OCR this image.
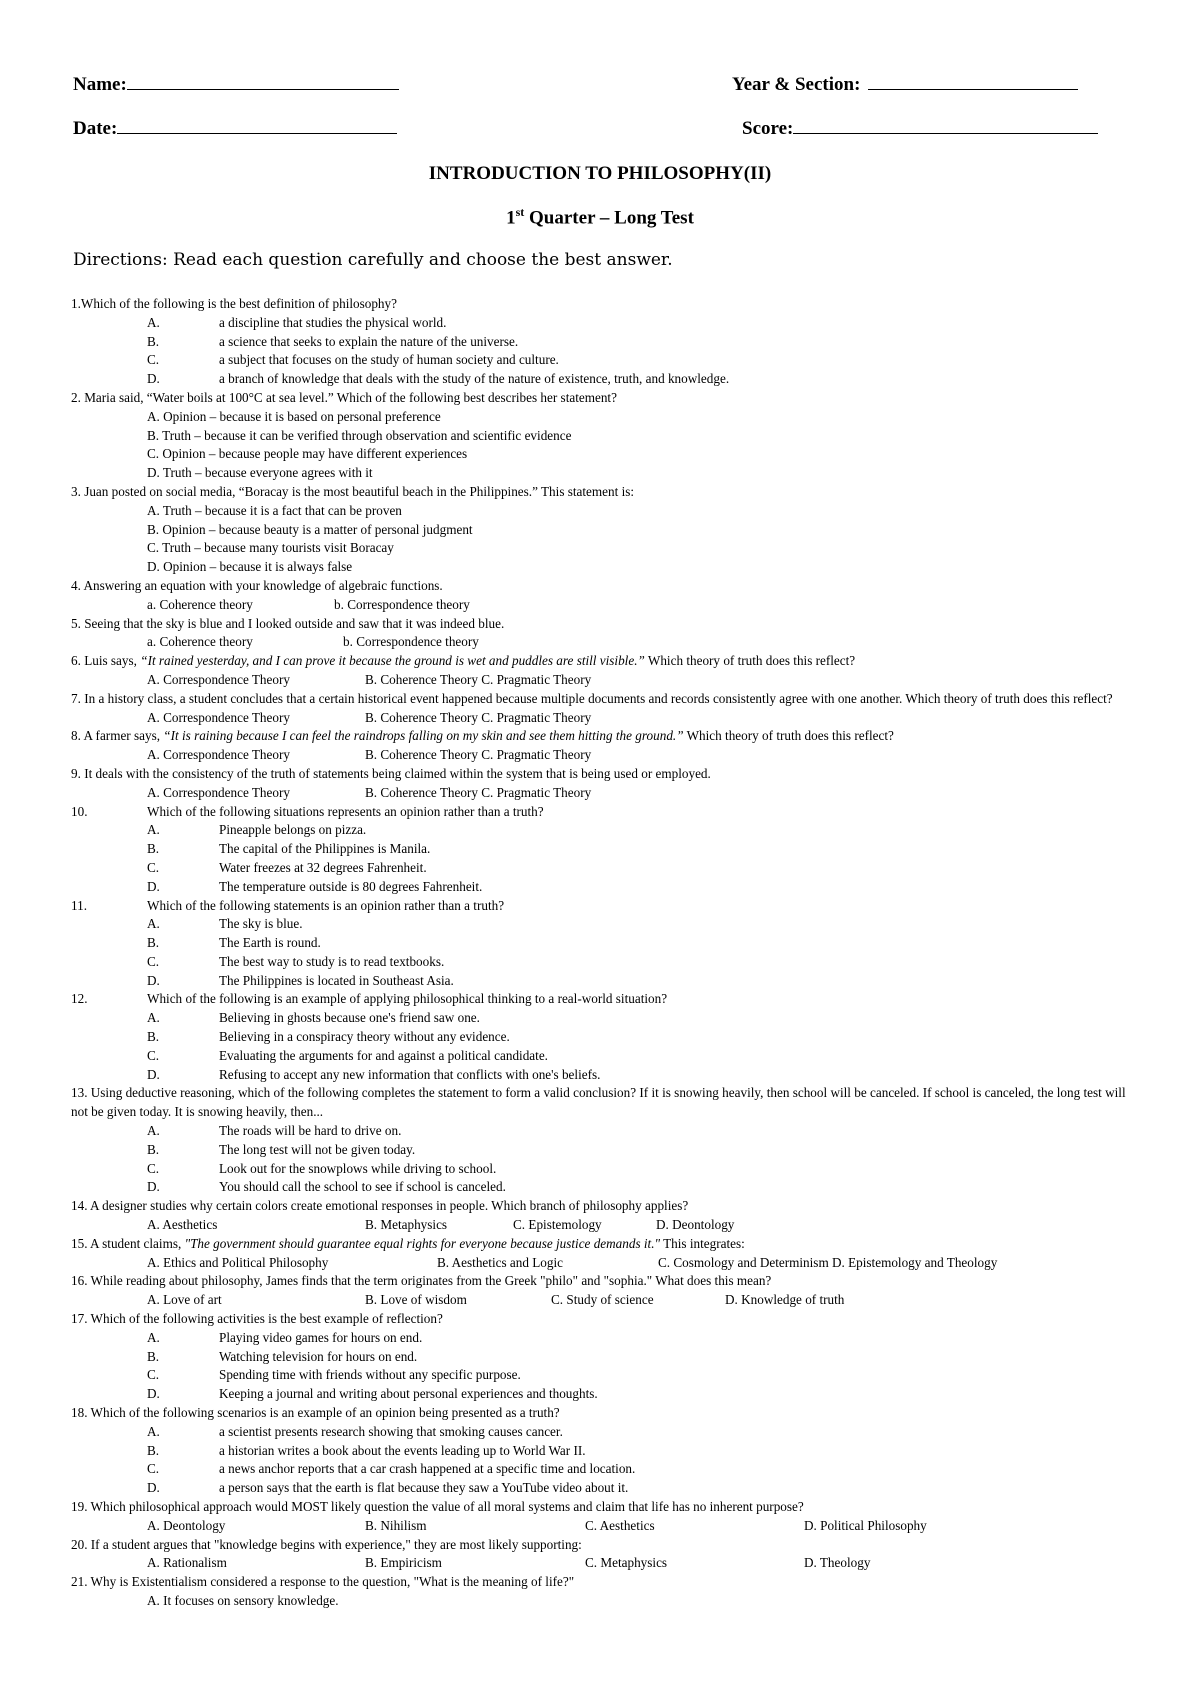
Name:	Year & Section:
Date:	Score:
INTRODUCTION TO PHILOSOPHY(II)
1st Quarter – Long Test
Directions: Read each question carefully and choose the best answer.
1.Which of the following is the best definition of philosophy?
A.	a discipline that studies the physical world.
B.	a science that seeks to explain the nature of the universe.
C.	a subject that focuses on the study of human society and culture.
D.	a branch of knowledge that deals with the study of the nature of existence, truth, and knowledge.
2. Maria said, “Water boils at 100°C at sea level.” Which of the following best describes her statement?
A. Opinion – because it is based on personal preference
B. Truth – because it can be verified through observation and scientific evidence
C. Opinion – because people may have different experiences
D. Truth – because everyone agrees with it
3. Juan posted on social media, “Boracay is the most beautiful beach in the Philippines.” This statement is:
A. Truth – because it is a fact that can be proven
B. Opinion – because beauty is a matter of personal judgment
C. Truth – because many tourists visit Boracay
D. Opinion – because it is always false
4. Answering an equation with your knowledge of algebraic functions.
a. Coherence theory	b. Correspondence theory
5. Seeing that the sky is blue and I looked outside and saw that it was indeed blue.
a. Coherence theory	b. Correspondence theory
6. Luis says, “It rained yesterday, and I can prove it because the ground is wet and puddles are still visible.” Which theory of truth does this reflect?
A. Correspondence Theory	B. Coherence Theory C. Pragmatic Theory
7. In a history class, a student concludes that a certain historical event happened because multiple documents and records consistently agree with one another. Which theory of truth does this reflect?
A. Correspondence Theory	B. Coherence Theory C. Pragmatic Theory
8. A farmer says, “It is raining because I can feel the raindrops falling on my skin and see them hitting the ground.” Which theory of truth does this reflect?
A. Correspondence Theory	B. Coherence Theory C. Pragmatic Theory
9. It deals with the consistency of the truth of statements being claimed within the system that is being used or employed.
A. Correspondence Theory	B. Coherence Theory C. Pragmatic Theory
10.	Which of the following situations represents an opinion rather than a truth?
A.	Pineapple belongs on pizza.
B.	The capital of the Philippines is Manila.
C.	Water freezes at 32 degrees Fahrenheit.
D.	The temperature outside is 80 degrees Fahrenheit.
11.	Which of the following statements is an opinion rather than a truth?
A.	The sky is blue.
B.	The Earth is round.
C.	The best way to study is to read textbooks.
D.	The Philippines is located in Southeast Asia.
12.	Which of the following is an example of applying philosophical thinking to a real-world situation?
A.	Believing in ghosts because one's friend saw one.
B.	Believing in a conspiracy theory without any evidence.
C.	Evaluating the arguments for and against a political candidate.
D.	Refusing to accept any new information that conflicts with one's beliefs.
13. Using deductive reasoning, which of the following completes the statement to form a valid conclusion? If it is snowing heavily, then school will be canceled. If school is canceled, the long test will not be given today. It is snowing heavily, then...
A.	The roads will be hard to drive on.
B.	The long test will not be given today.
C.	Look out for the snowplows while driving to school.
D.	You should call the school to see if school is canceled.
14. A designer studies why certain colors create emotional responses in people. Which branch of philosophy applies?
A. Aesthetics	B. Metaphysics	C. Epistemology	D. Deontology
15. A student claims, "The government should guarantee equal rights for everyone because justice demands it." This integrates:
A. Ethics and Political Philosophy	B. Aesthetics and Logic	C. Cosmology and Determinism D. Epistemology and Theology
16. While reading about philosophy, James finds that the term originates from the Greek "philo" and "sophia." What does this mean?
A. Love of art	B. Love of wisdom	C. Study of science	D. Knowledge of truth
17. Which of the following activities is the best example of reflection?
A.	Playing video games for hours on end.
B.	Watching television for hours on end.
C.	Spending time with friends without any specific purpose.
D.	Keeping a journal and writing about personal experiences and thoughts.
18. Which of the following scenarios is an example of an opinion being presented as a truth?
A.	a scientist presents research showing that smoking causes cancer.
B.	a historian writes a book about the events leading up to World War II.
C.	a news anchor reports that a car crash happened at a specific time and location.
D.	a person says that the earth is flat because they saw a YouTube video about it.
19. Which philosophical approach would MOST likely question the value of all moral systems and claim that life has no inherent purpose?
A. Deontology	B. Nihilism	C. Aesthetics	D. Political Philosophy
20. If a student argues that "knowledge begins with experience," they are most likely supporting:
A. Rationalism	B. Empiricism	C. Metaphysics	D. Theology
21. Why is Existentialism considered a response to the question, "What is the meaning of life?"
A. It focuses on sensory knowledge.
